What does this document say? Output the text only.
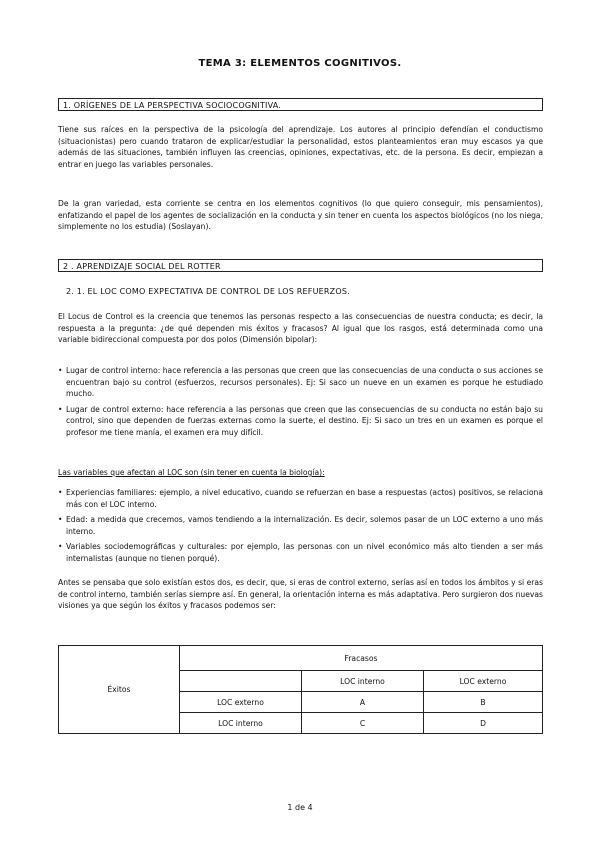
TEMA 3: ELEMENTOS COGNITIVOS.
1. ORÍGENES DE LA PERSPECTIVA SOCIOCOGNITIVA.

Tiene sus raíces en la perspectiva de la psicología del aprendizaje. Los autores al principio defendían el conductismo (situacionistas) pero cuando trataron de explicar/estudiar la personalidad, estos planteamientos eran muy escasos ya que además de las situaciones, también influyen las creencias, opiniones, expectativas, etc. de la persona. Es decir, empiezan a entrar en juego las variables personales.

De la gran variedad, esta corriente se centra en los elementos cognitivos (lo que quiero conseguir, mis pensamientos), enfatizando el papel de los agentes de socialización en la conducta y sin tener en cuenta los aspectos biológicos (no los niega, simplemente no los estudia) (Soslayan).

2 . APRENDIZAJE SOCIAL DEL ROTTER
2. 1. EL LOC COMO EXPECTATIVA DE CONTROL DE LOS REFUERZOS.

El Locus de Control es la creencia que tenemos las personas respecto a las consecuencias de nuestra conducta; es decir, la respuesta a la pregunta: ¿de qué dependen mis éxitos y fracasos? Al igual que los rasgos, está determinada como una variable bidireccional compuesta por dos polos (Dimensión bipolar):

• Lugar de control interno: hace referencia a las personas que creen que las consecuencias de una conducta o sus acciones se encuentran bajo su control (esfuerzos, recursos personales). Ej: Si saco un nueve en un examen es porque he estudiado mucho.
• Lugar de control externo: hace referencia a las personas que creen que las consecuencias de su conducta no están bajo su control, sino que dependen de fuerzas externas como la suerte, el destino. Ej: Si saco un tres en un examen es porque el profesor me tiene manía, el examen era muy difícil.
Las variables que afectan al LOC son (sin tener en cuenta la biología):
• Experiencias familiares: ejemplo, a nivel educativo, cuando se refuerzan en base a respuestas (actos) positivos, se relaciona más con el LOC interno.
• Edad: a medida que crecemos, vamos tendiendo a la internalización. Es decir, solemos pasar de un LOC externo a uno más interno.
• Variables sociodemográficas y culturales: por ejemplo, las personas con un nivel económico más alto tienden a ser más internalistas (aunque no tienen porqué).

Antes se pensaba que solo existían estos dos, es decir, que, si eras de control externo, serías así en todos los ámbitos y si eras de control interno, también serías siempre así. En general, la orientación interna es más adaptativa. Pero surgieron dos nuevas visiones ya que según los éxitos y fracasos podemos ser:

Éxitos	Fracasos		
		LOC interno	LOC externo
	LOC externo	A	B
	LOC interno	C	D
1 de 4
